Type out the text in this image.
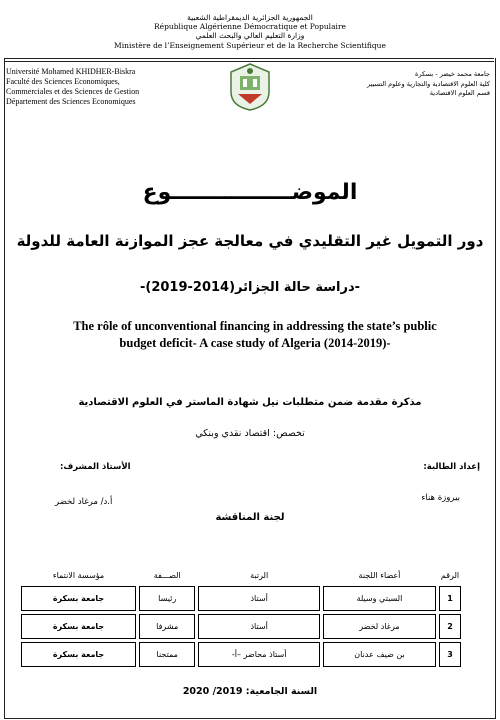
الجمهورية الجزائرية الديمقراطية الشعبية
République Algérienne Démocratique et Populaire
وزارة التعليم العالي والبحث العلمي
Ministère de l’Enseignement Supérieur et de la Recherche Scientifique
Université Mohamed KHIDHER-Biskra
Faculté des Sciences Economiques,
Commerciales et des Sciences de Gestion
Département des Sciences Economiques
جامعة محمد خيضر - بسكرة
كلية العلوم الاقتصادية والتجارية وعلوم التسيير
قسم العلوم الاقتصادية
الموضــــــــــــــــوع
دور التمويل غير التقليدي في معالجة عجز الموازنة العامة للدولة
-دراسة حالة الجزائر(2014-2019)-
The rôle of unconventional financing in addressing the state’s public budget deficit- A case study of Algeria (2014-2019)-
مذكرة مقدمة ضمن متطلبات نيل شهادة الماستر في العلوم الاقتصادية
تخصص: اقتصاد نقدي وبنكي
إعداد الطالبة:
بيروزة هناء
الأستاذ المشرف:
أ.د/ مرغاد لخضر
لجنة المناقشة
الرقم	أعضاء اللجنة	الرتبة	الصـــفة	مؤسسة الانتماء
1	السبتي وسيلة	أستاذ	رئيسا	جامعة بسكرة
2	مرغاد لخضر	أستاذ	مشرفا	جامعة بسكرة
3	بن ضيف عدنان	أستاذ محاضر –أ-	ممتحنا	جامعة بسكرة
السنة الجامعية: 2019/ 2020
